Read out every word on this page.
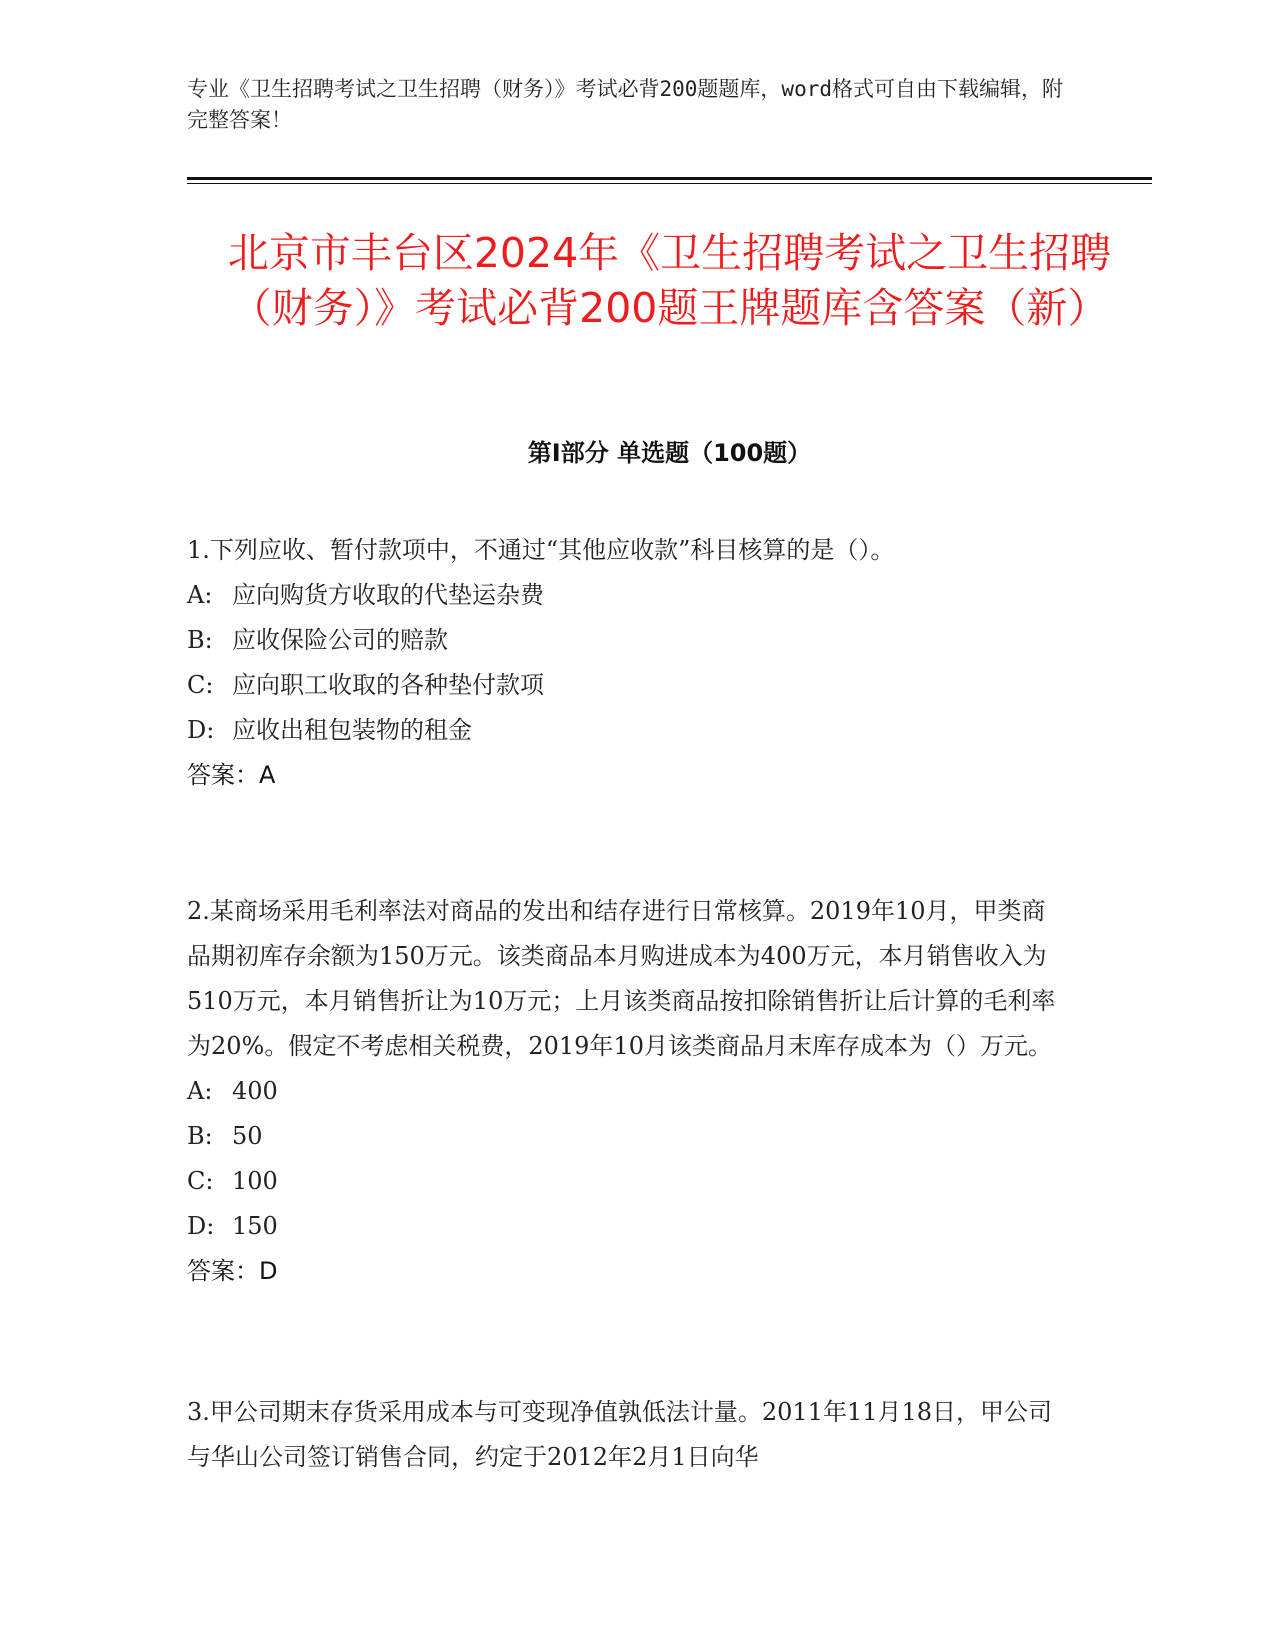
专业《卫生招聘考试之卫生招聘（财务）》考试必背200题题库，word格式可自由下载编辑，附完整答案！

北京市丰台区2024年《卫生招聘考试之卫生招聘（财务）》考试必背200题王牌题库含答案（新）
第I部分 单选题（100题）

1.下列应收、暂付款项中，不通过“其他应收款”科目核算的是（）。

A: 应向购货方收取的代垫运杂费
B: 应收保险公司的赔款
C: 应向职工收取的各种垫付款项
D: 应收出租包装物的租金

答案：A

2.某商场采用毛利率法对商品的发出和结存进行日常核算。2019年10月，甲类商品期初库存余额为150万元。该类商品本月购进成本为400万元，本月销售收入为510万元，本月销售折让为10万元；上月该类商品按扣除销售折让后计算的毛利率为20%。假定不考虑相关税费，2019年10月该类商品月末库存成本为（）万元。

A: 400
B: 50
C: 100
D: 150

答案：D

3.甲公司期末存货采用成本与可变现净值孰低法计量。2011年11月18日，甲公司与华山公司签订销售合同，约定于2012年2月1日向华
